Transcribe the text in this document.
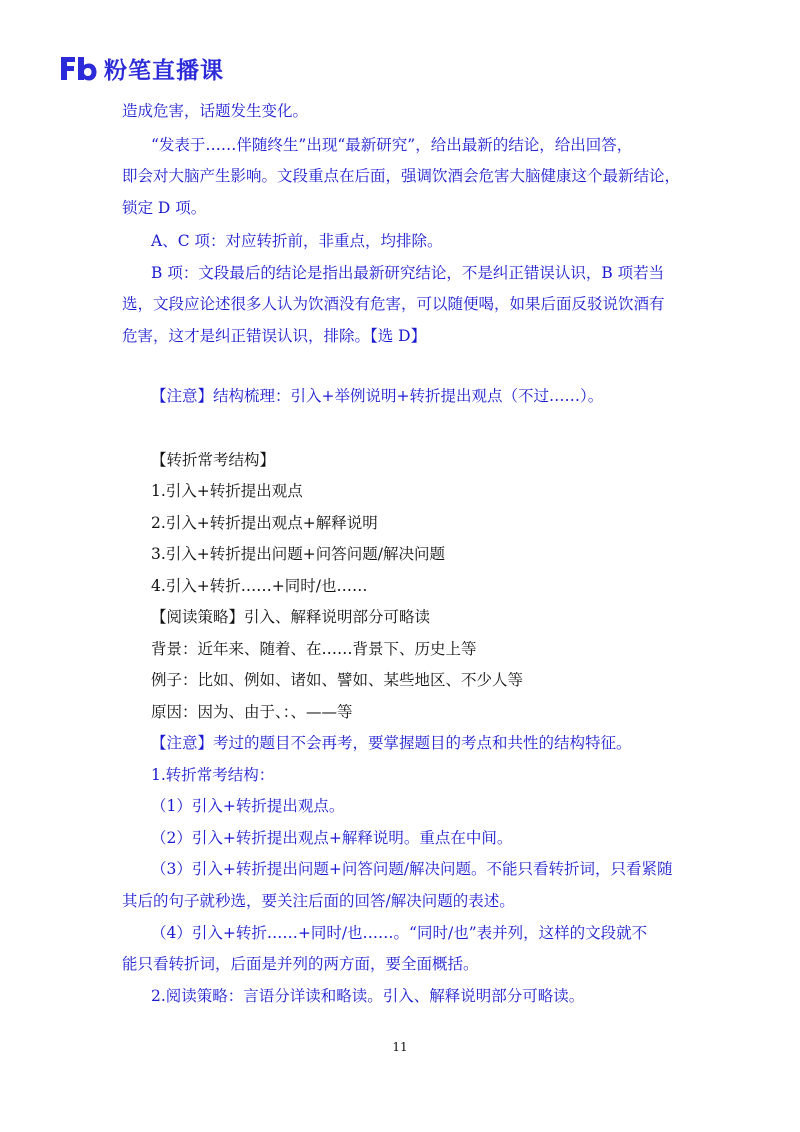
粉笔直播课
造成危害，话题发生变化。
“发表于……伴随终生”出现“最新研究”，给出最新的结论，给出回答，
即会对大脑产生影响。文段重点在后面，强调饮酒会危害大脑健康这个最新结论，
锁定 D 项。
A、C 项：对应转折前，非重点，均排除。
B 项：文段最后的结论是指出最新研究结论，不是纠正错误认识，B 项若当
选，文段应论述很多人认为饮酒没有危害，可以随便喝，如果后面反驳说饮酒有
危害，这才是纠正错误认识，排除。【选 D】
【注意】结构梳理：引入+举例说明+转折提出观点（不过……）。
【转折常考结构】
1.引入+转折提出观点
2.引入+转折提出观点+解释说明
3.引入+转折提出问题+问答问题/解决问题
4.引入+转折……+同时/也……
【阅读策略】引入、解释说明部分可略读
背景：近年来、随着、在……背景下、历史上等
例子：比如、例如、诸如、譬如、某些地区、不少人等
原因：因为、由于、：、——等
【注意】考过的题目不会再考，要掌握题目的考点和共性的结构特征。
1.转折常考结构：
（1）引入+转折提出观点。
（2）引入+转折提出观点+解释说明。重点在中间。
（3）引入+转折提出问题+问答问题/解决问题。不能只看转折词，只看紧随
其后的句子就秒选，要关注后面的回答/解决问题的表述。
（4）引入+转折……+同时/也……。“同时/也”表并列，这样的文段就不
能只看转折词，后面是并列的两方面，要全面概括。
2.阅读策略：言语分详读和略读。引入、解释说明部分可略读。
11
